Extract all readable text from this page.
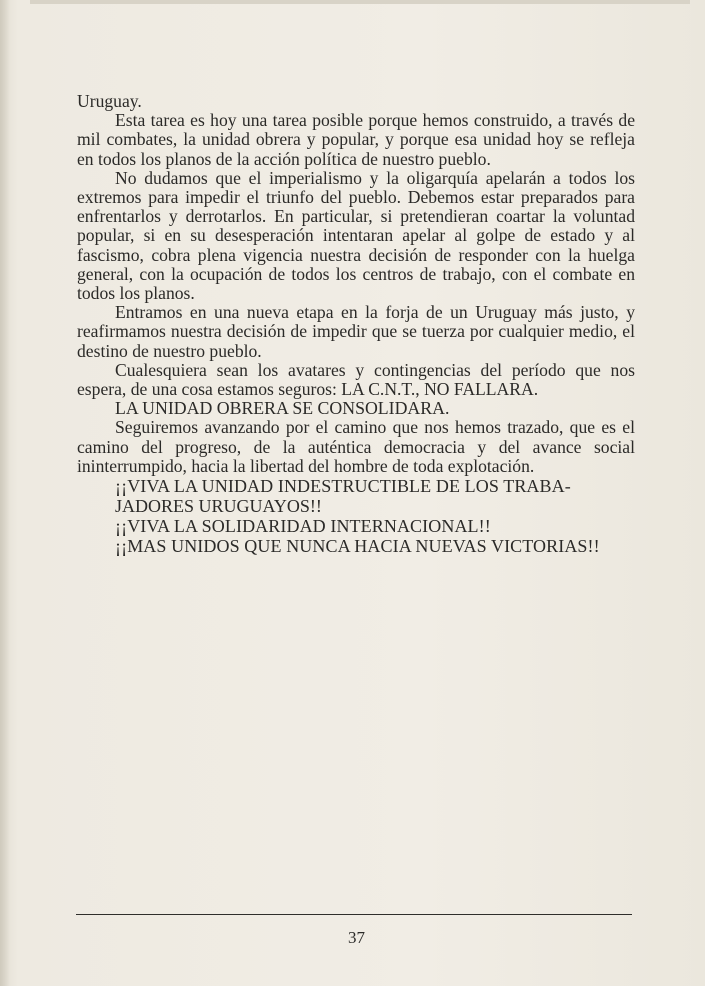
Uruguay.

Esta tarea es hoy una tarea posible porque hemos construido, a través de mil combates, la unidad obrera y popular, y porque esa unidad hoy se refleja en todos los planos de la acción política de nuestro pueblo.

No dudamos que el imperialismo y la oligarquía apelarán a todos los extremos para impedir el triunfo del pueblo. Debemos estar preparados para enfrentarlos y derrotarlos. En particular, si pretendieran coartar la voluntad popular, si en su desesperación intentaran apelar al golpe de estado y al fascismo, cobra plena vigencia nuestra decisión de responder con la huelga general, con la ocupación de todos los centros de trabajo, con el combate en todos los planos.

Entramos en una nueva etapa en la forja de un Uruguay más justo, y reafirmamos nuestra decisión de impedir que se tuerza por cualquier medio, el destino de nuestro pueblo.

Cualesquiera sean los avatares y contingencias del período que nos espera, de una cosa estamos seguros: LA C.N.T., NO FALLARA.

LA UNIDAD OBRERA SE CONSOLIDARA.

Seguiremos avanzando por el camino que nos hemos trazado, que es el camino del progreso, de la auténtica democracia y del avance social ininterrumpido, hacia la libertad del hombre de toda explotación.

¡¡VIVA LA UNIDAD INDESTRUCTIBLE DE LOS TRABA-

JADORES URUGUAYOS!!

¡¡VIVA LA SOLIDARIDAD INTERNACIONAL!!

¡¡MAS UNIDOS QUE NUNCA HACIA NUEVAS VICTORIAS!!

37
